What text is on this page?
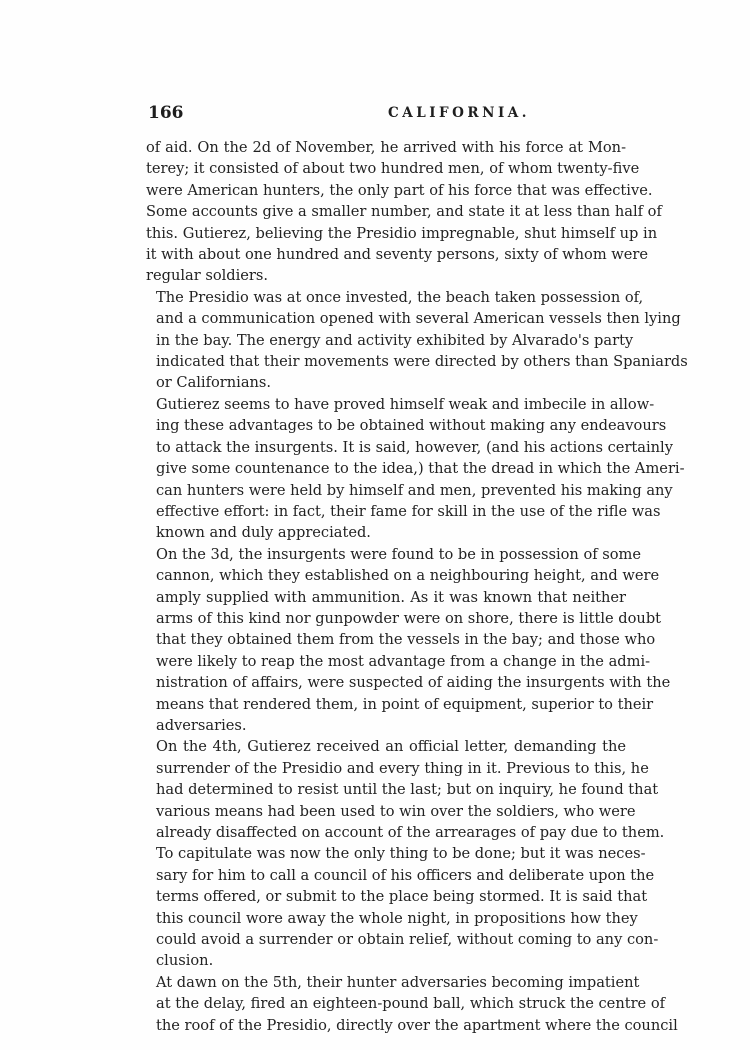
166	CALIFORNIA.

of aid. On the 2d of November, he arrived with his force at Mon-
terey; it consisted of about two hundred men, of whom twenty-five
were American hunters, the only part of his force that was effective.
Some accounts give a smaller number, and state it at less than half of
this. Gutierez, believing the Presidio impregnable, shut himself up in
it with about one hundred and seventy persons, sixty of whom were
regular soldiers.

The Presidio was at once invested, the beach taken possession of,
and a communication opened with several American vessels then lying
in the bay. The energy and activity exhibited by Alvarado's party
indicated that their movements were directed by others than Spaniards
or Californians.

Gutierez seems to have proved himself weak and imbecile in allow-
ing these advantages to be obtained without making any endeavours
to attack the insurgents. It is said, however, (and his actions certainly
give some countenance to the idea,) that the dread in which the Ameri-
can hunters were held by himself and men, prevented his making any
effective effort: in fact, their fame for skill in the use of the rifle was
known and duly appreciated.

On the 3d, the insurgents were found to be in possession of some
cannon, which they established on a neighbouring height, and were
amply supplied with ammunition. As it was known that neither
arms of this kind nor gunpowder were on shore, there is little doubt
that they obtained them from the vessels in the bay; and those who
were likely to reap the most advantage from a change in the admi-
nistration of affairs, were suspected of aiding the insurgents with the
means that rendered them, in point of equipment, superior to their
adversaries.

On the 4th, Gutierez received an official letter, demanding the
surrender of the Presidio and every thing in it. Previous to this, he
had determined to resist until the last; but on inquiry, he found that
various means had been used to win over the soldiers, who were
already disaffected on account of the arrearages of pay due to them.
To capitulate was now the only thing to be done; but it was neces-
sary for him to call a council of his officers and deliberate upon the
terms offered, or submit to the place being stormed. It is said that
this council wore away the whole night, in propositions how they
could avoid a surrender or obtain relief, without coming to any con-
clusion.

At dawn on the 5th, their hunter adversaries becoming impatient
at the delay, fired an eighteen-pound ball, which struck the centre of
the roof of the Presidio, directly over the apartment where the council
